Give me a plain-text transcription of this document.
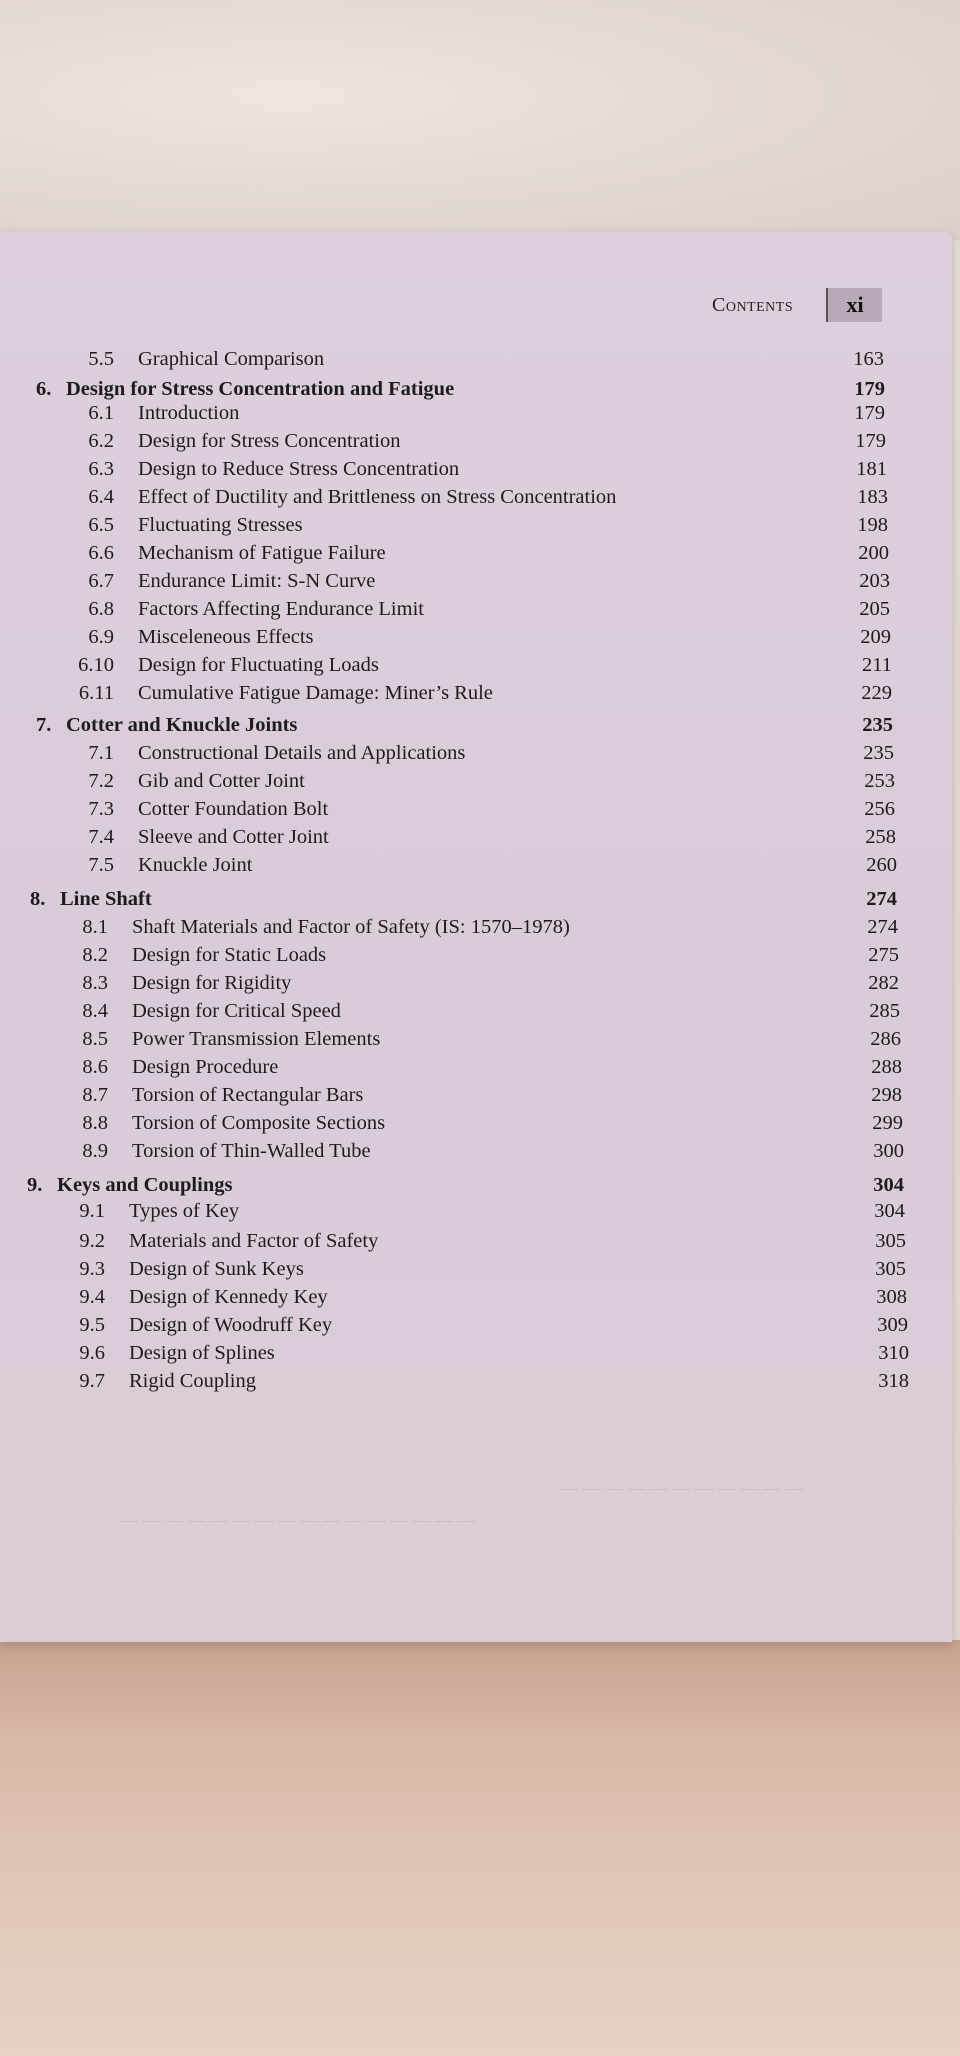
— — — — — — — — — — —
— — — — — — — — — — — — — — — —
Contents	xi
5.5 Graphical Comparison	163
6. Design for Stress Concentration and Fatigue	179
6.1 Introduction	179
6.2 Design for Stress Concentration	179
6.3 Design to Reduce Stress Concentration	181
6.4 Effect of Ductility and Brittleness on Stress Concentration	183
6.5 Fluctuating Stresses	198
6.6 Mechanism of Fatigue Failure	200
6.7 Endurance Limit: S-N Curve	203
6.8 Factors Affecting Endurance Limit	205
6.9 Misceleneous Effects	209
6.10 Design for Fluctuating Loads	211
6.11 Cumulative Fatigue Damage: Miner’s Rule	229
7. Cotter and Knuckle Joints	235
7.1 Constructional Details and Applications	235
7.2 Gib and Cotter Joint	253
7.3 Cotter Foundation Bolt	256
7.4 Sleeve and Cotter Joint	258
7.5 Knuckle Joint	260
8. Line Shaft	274
8.1 Shaft Materials and Factor of Safety (IS: 1570–1978)	274
8.2 Design for Static Loads	275
8.3 Design for Rigidity	282
8.4 Design for Critical Speed	285
8.5 Power Transmission Elements	286
8.6 Design Procedure	288
8.7 Torsion of Rectangular Bars	298
8.8 Torsion of Composite Sections	299
8.9 Torsion of Thin-Walled Tube	300
9. Keys and Couplings	304
9.1 Types of Key	304
9.2 Materials and Factor of Safety	305
9.3 Design of Sunk Keys	305
9.4 Design of Kennedy Key	308
9.5 Design of Woodruff Key	309
9.6 Design of Splines	310
9.7 Rigid Coupling	318
